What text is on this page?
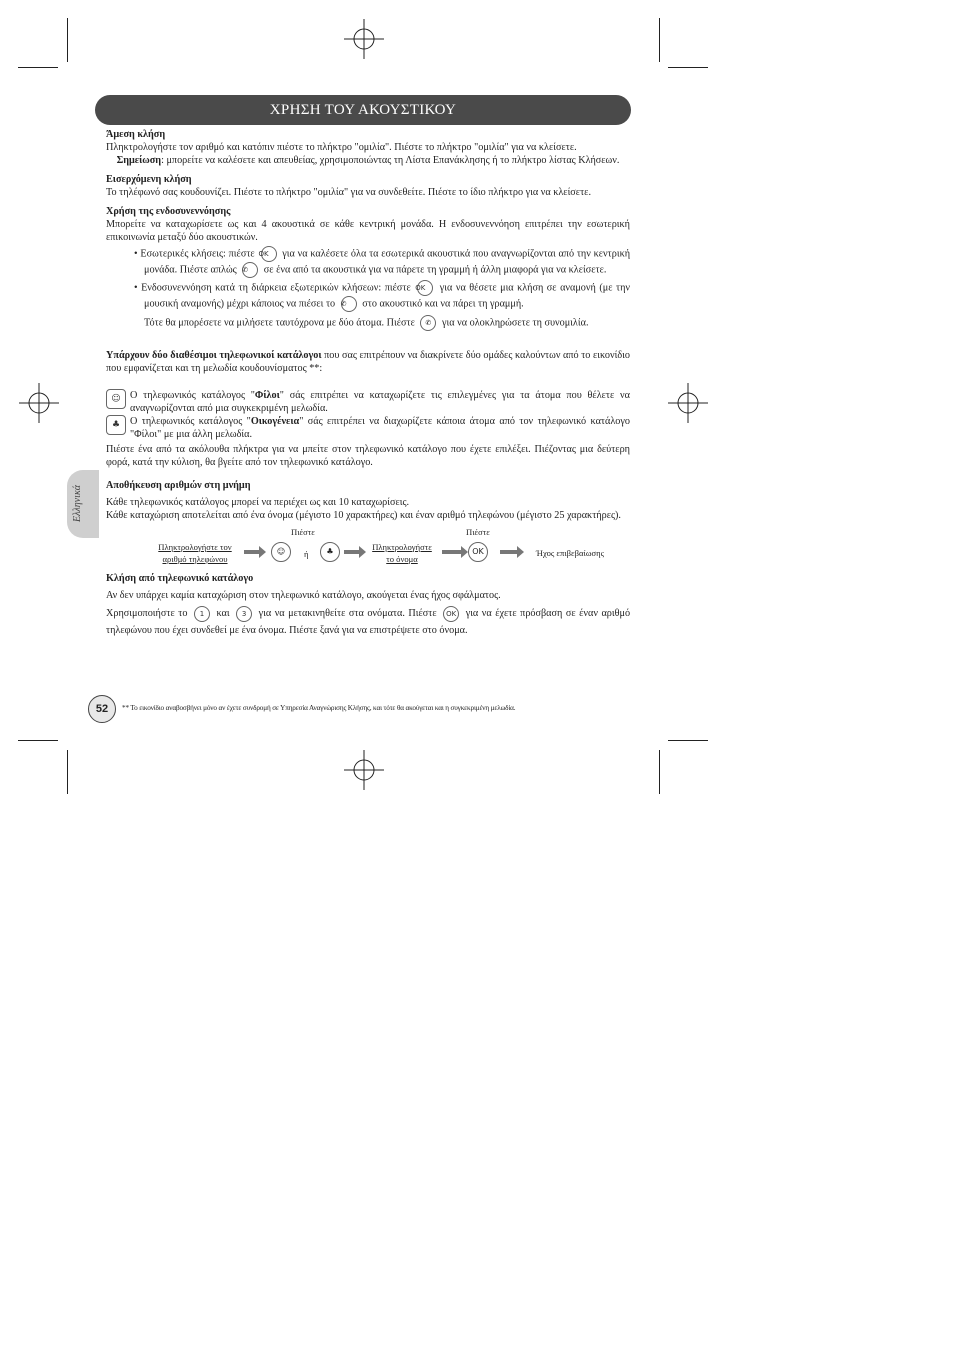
ΧΡΗΣΗ ΤΟΥ ΑΚΟΥΣΤΙΚΟΥ
Ελληνικά
Άμεση κλήση
Πληκτρολογήστε τον αριθμό και κατόπιν πιέστε το πλήκτρο "ομιλία". Πιέστε το πλήκτρο "ομιλία" για να κλείσετε.
Σημείωση: μπορείτε να καλέσετε και απευθείας, χρησιμοποιώντας τη Λίστα Επανάκλησης ή το πλήκτρο λίστας Κλήσεων.
Εισερχόμενη κλήση
Το τηλέφωνό σας κουδουνίζει. Πιέστε το πλήκτρο "ομιλία" για να συνδεθείτε. Πιέστε το ίδιο πλήκτρο για να κλείσετε.
Χρήση της ενδοσυνεννόησης
Μπορείτε να καταχωρίσετε ως και 4 ακουστικά σε κάθε κεντρική μονάδα. Η ενδοσυνεννόηση επιτρέπει την εσωτερική επικοινωνία μεταξύ δύο ακουστικών.
• Εσωτερικές κλήσεις: πιέστε OK για να καλέσετε όλα τα εσωτερικά ακουστικά που αναγνωρίζονται από την κεντρική μονάδα. Πιέστε απλώς ✆ σε ένα από τα ακουστικά για να πάρετε τη γραμμή ή άλλη μιαφορά για να κλείσετε.
• Ενδοσυνεννόηση κατά τη διάρκεια εξωτερικών κλήσεων: πιέστε OK για να θέσετε μια κλήση σε αναμονή (με την μουσική αναμονής) μέχρι κάποιος να πιέσει το ✆ στο ακουστικό και να πάρει τη γραμμή.
Τότε θα μπορέσετε να μιλήσετε ταυτόχρονα με δύο άτομα. Πιέστε ✆ για να ολοκληρώσετε τη συνομιλία.
Υπάρχουν δύο διαθέσιμοι τηλεφωνικοί κατάλογοι που σας επιτρέπουν να διακρίνετε δύο ομάδες καλούντων από το εικονίδιο που εμφανίζεται και τη μελωδία κουδουνίσματος **:
☺ Ο τηλεφωνικός κατάλογος "Φίλοι" σάς επιτρέπει να καταχωρίζετε τις επιλεγμένες για τα άτομα που θέλετε να αναγνωρίζονται από μια συγκεκριμένη μελωδία.
♣ Ο τηλεφωνικός κατάλογος "Οικογένεια" σάς επιτρέπει να διαχωρίζετε κάποια άτομα από τον τηλεφωνικό κατάλογο "Φίλοι" με μια άλλη μελωδία.
Πιέστε ένα από τα ακόλουθα πλήκτρα για να μπείτε στον τηλεφωνικό κατάλογο που έχετε επιλέξει. Πιέζοντας μια δεύτερη φορά, κατά την κύλιση, θα βγείτε από τον τηλεφωνικό κατάλογο.
Αποθήκευση αριθμών στη μνήμη
Κάθε τηλεφωνικός κατάλογος μπορεί να περιέχει ως και 10 καταχωρίσεις.
Κάθε καταχώριση αποτελείται από ένα όνομα (μέγιστο 10 χαρακτήρες) και έναν αριθμό τηλεφώνου (μέγιστο 25 χαρακτήρες).
Πιέστε	Πιέστε
Πληκτρολογήστε τον
αριθμό τηλεφώνου
☺	ή	♣	Πληκτρολογήστε
το όνομα
OK	Ήχος επιβεβαίωσης
Κλήση από τηλεφωνικό κατάλογο
Αν δεν υπάρχει καμία καταχώριση στον τηλεφωνικό κατάλογο, ακούγεται ένας ήχος σφάλματος.
Χρησιμοποιήστε το 1 και 3 για να μετακινηθείτε στα ονόματα. Πιέστε OK για να έχετε πρόσβαση σε έναν αριθμό τηλεφώνου που έχει συνδεθεί με ένα όνομα. Πιέστε ξανά για να επιστρέψετε στο όνομα.
52	** Το εικονίδιο αναβοσβήνει μόνο αν έχετε συνδρομή σε Υπηρεσία Αναγνώρισης Κλήσης, και τότε θα ακούγεται και η συγκεκριμένη μελωδία.
